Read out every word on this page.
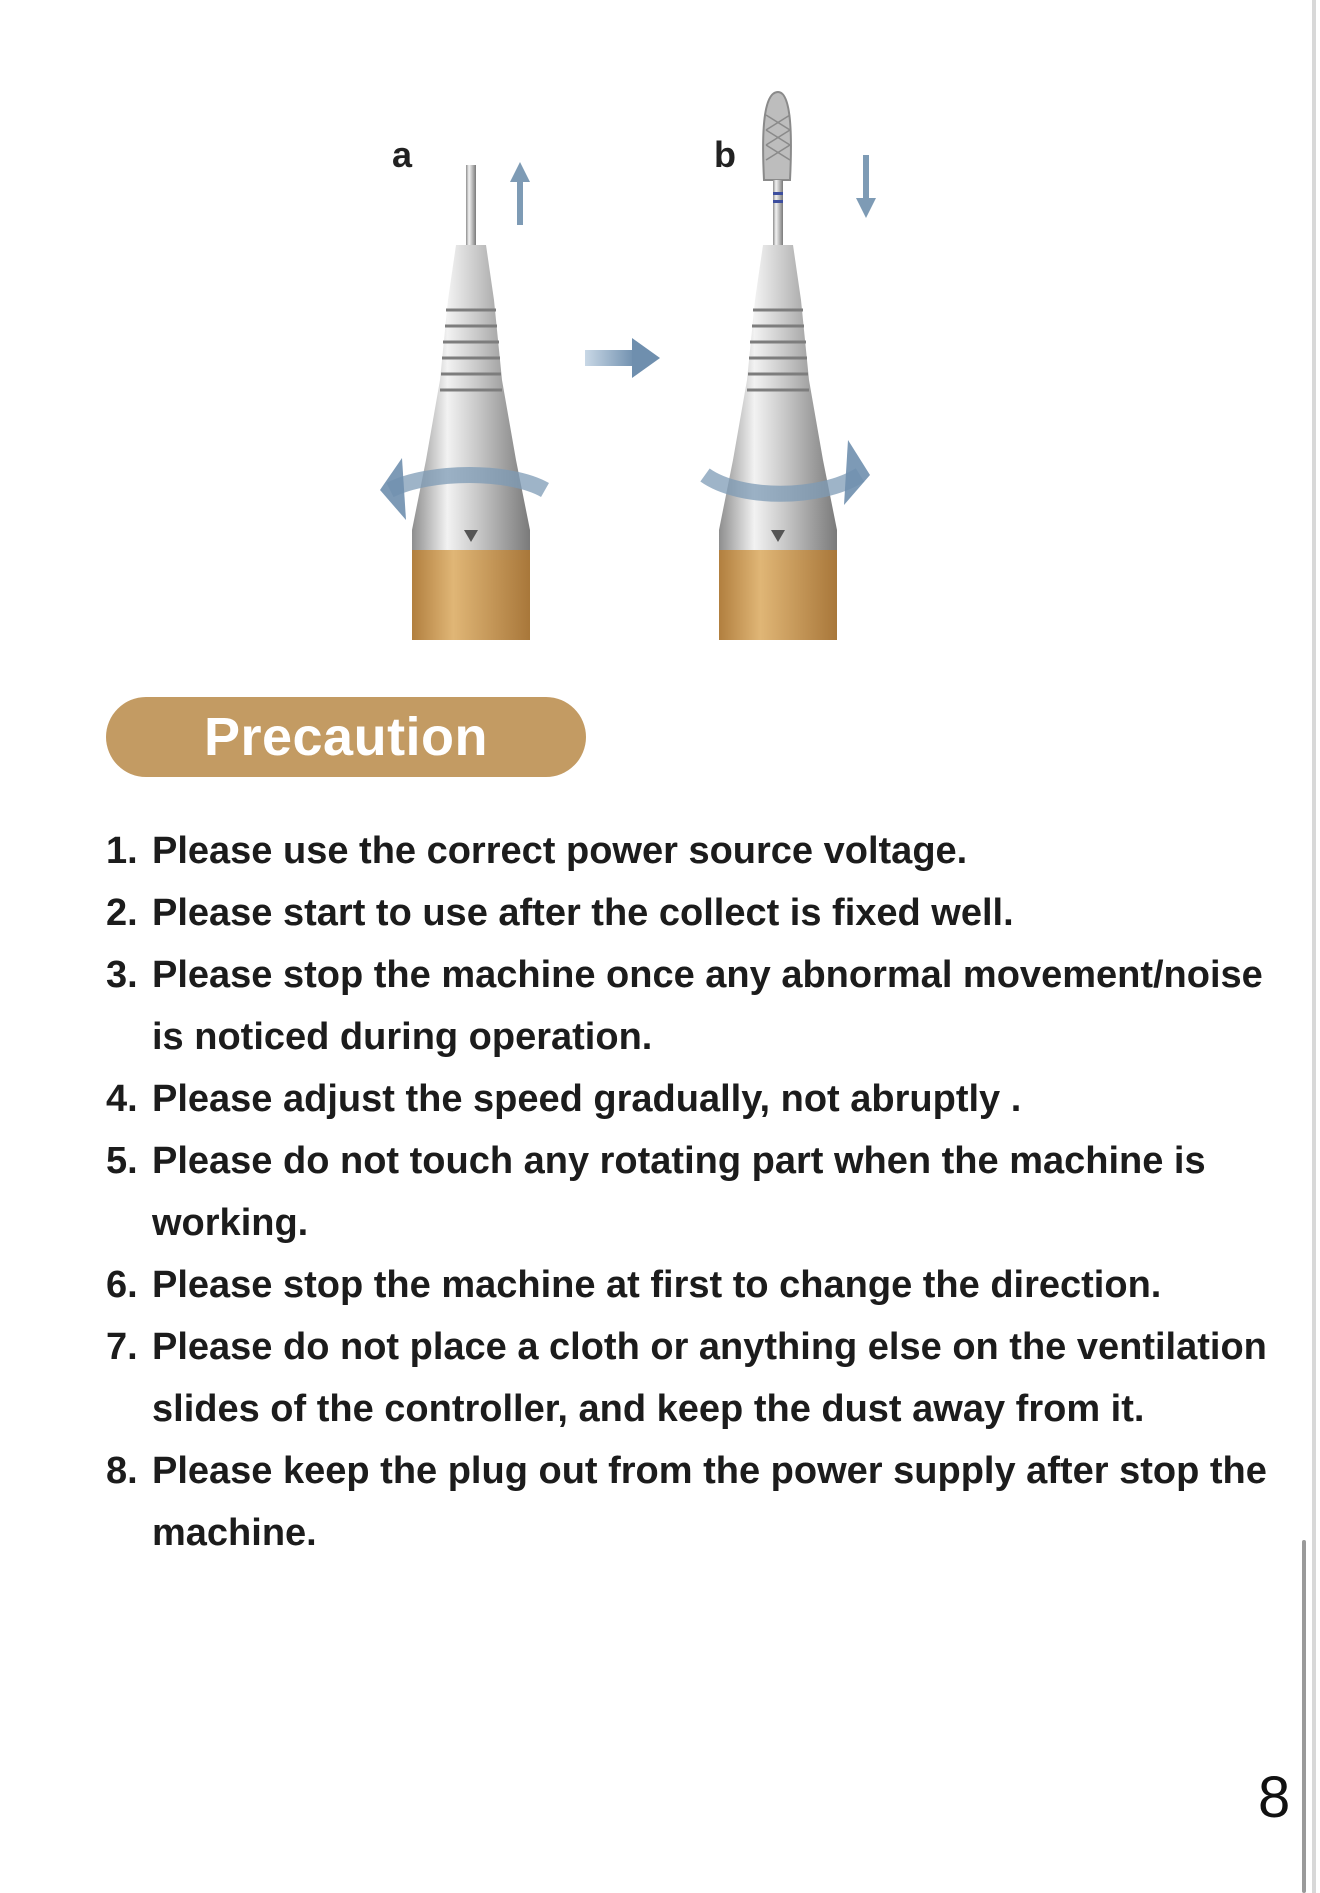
a	b
Precaution
1. Please use the correct power source voltage.
2. Please start to use after the collect is fixed well.
3. Please stop the machine once any abnormal movement/noise is noticed during operation.
4. Please adjust the speed gradually, not abruptly .
5. Please do not touch any rotating part when the machine is working.
6. Please stop the machine at first to change the direction.
7. Please do not place a cloth or anything else on the ventilation slides of the controller, and keep the dust away from it.
8. Please keep the plug out from the power supply after stop the machine.
8
